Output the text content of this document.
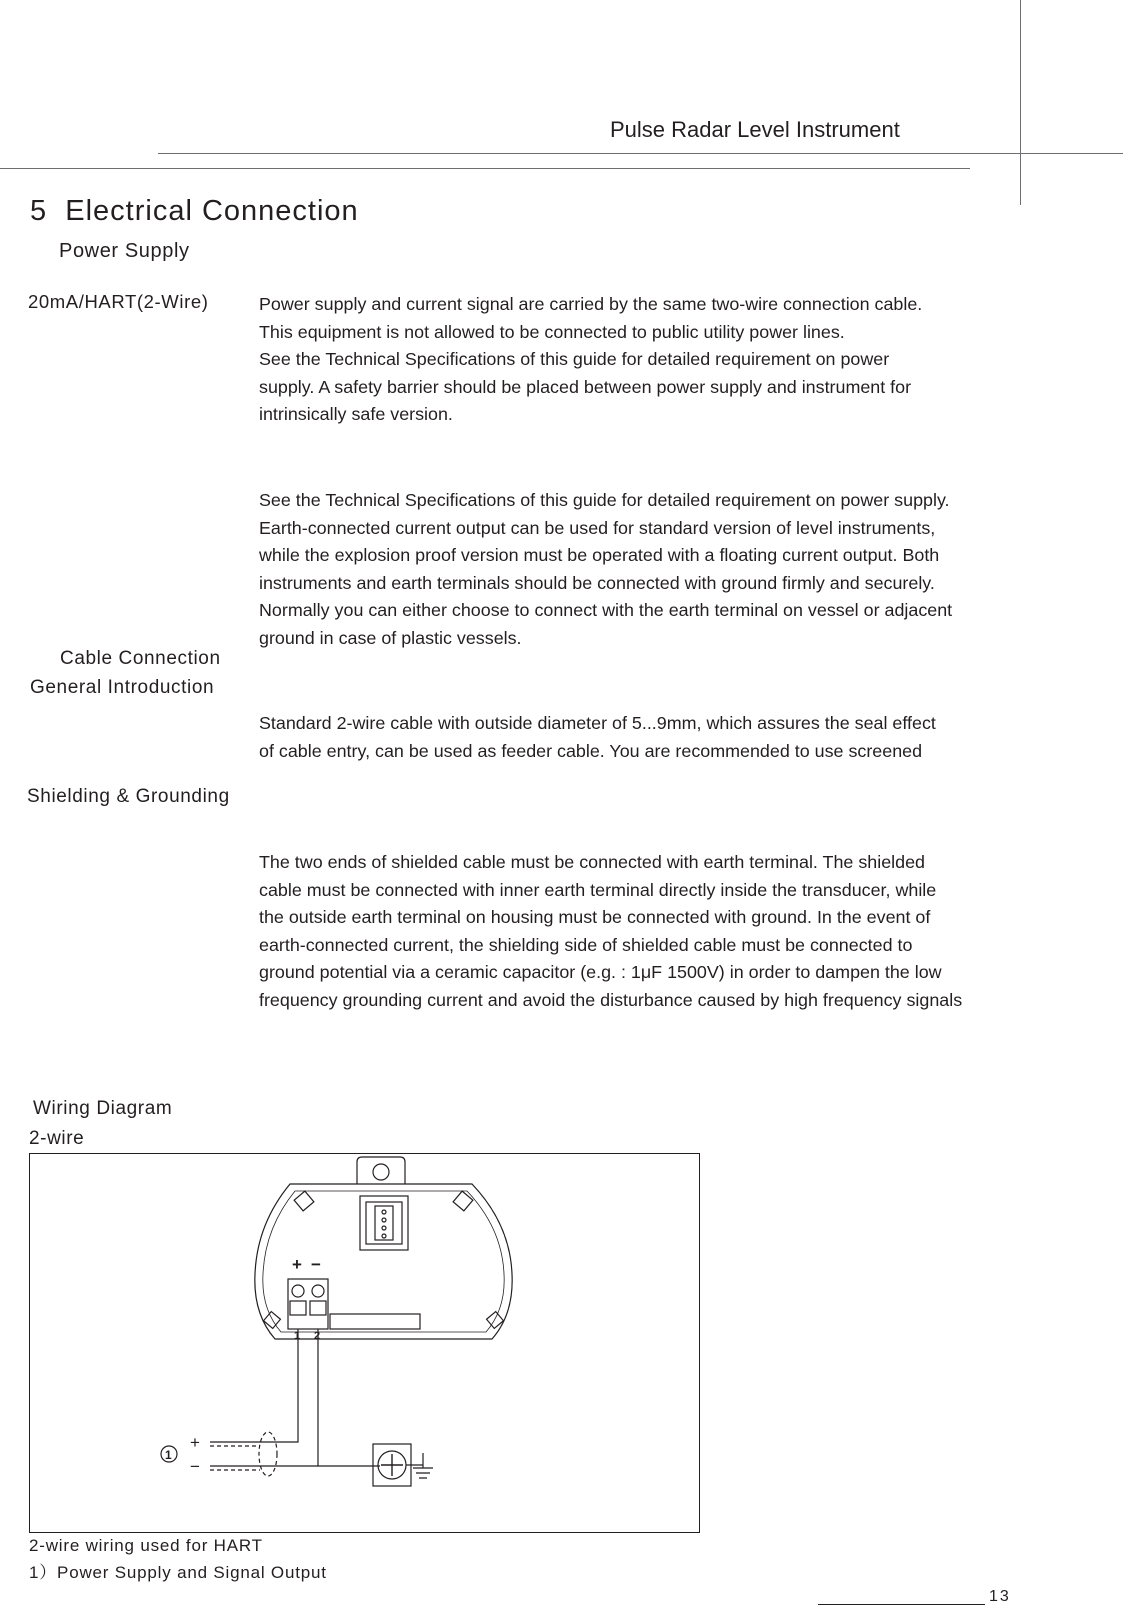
Pulse Radar Level Instrument
5 Electrical Connection
Power Supply
20mA/HART(2-Wire)	Power supply and current signal are carried by the same two-wire connection cable.

This equipment is not allowed to be connected to public utility power lines.

See the Technical Specifications of this guide for detailed requirement on power

supply. A safety barrier should be placed between power supply and instrument for

intrinsically safe version.

See the Technical Specifications of this guide for detailed requirement on power supply.

Earth-connected current output can be used for standard version of level instruments,

while the explosion proof version must be operated with a floating current output. Both

instruments and earth terminals should be connected with ground firmly and securely.

Normally you can either choose to connect with the earth terminal on vessel or adjacent

ground in case of plastic vessels.

Cable Connection
General Introduction

Standard 2-wire cable with outside diameter of 5...9mm, which assures the seal effect

of cable entry, can be used as feeder cable. You are recommended to use screened

Shielding & Grounding

The two ends of shielded cable must be connected with earth terminal. The shielded

cable must be connected with inner earth terminal directly inside the transducer, while

the outside earth terminal on housing must be connected with ground. In the event of

earth-connected current, the shielding side of shielded cable must be connected to

ground potential via a ceramic capacitor (e.g. : 1μF 1500V) in order to dampen the low

frequency grounding current and avoid the disturbance caused by high frequency signals

Wiring Diagram
2-wire
+ −
1 2
+
−
1
2-wire wiring used for HART
1）Power Supply and Signal Output
13
